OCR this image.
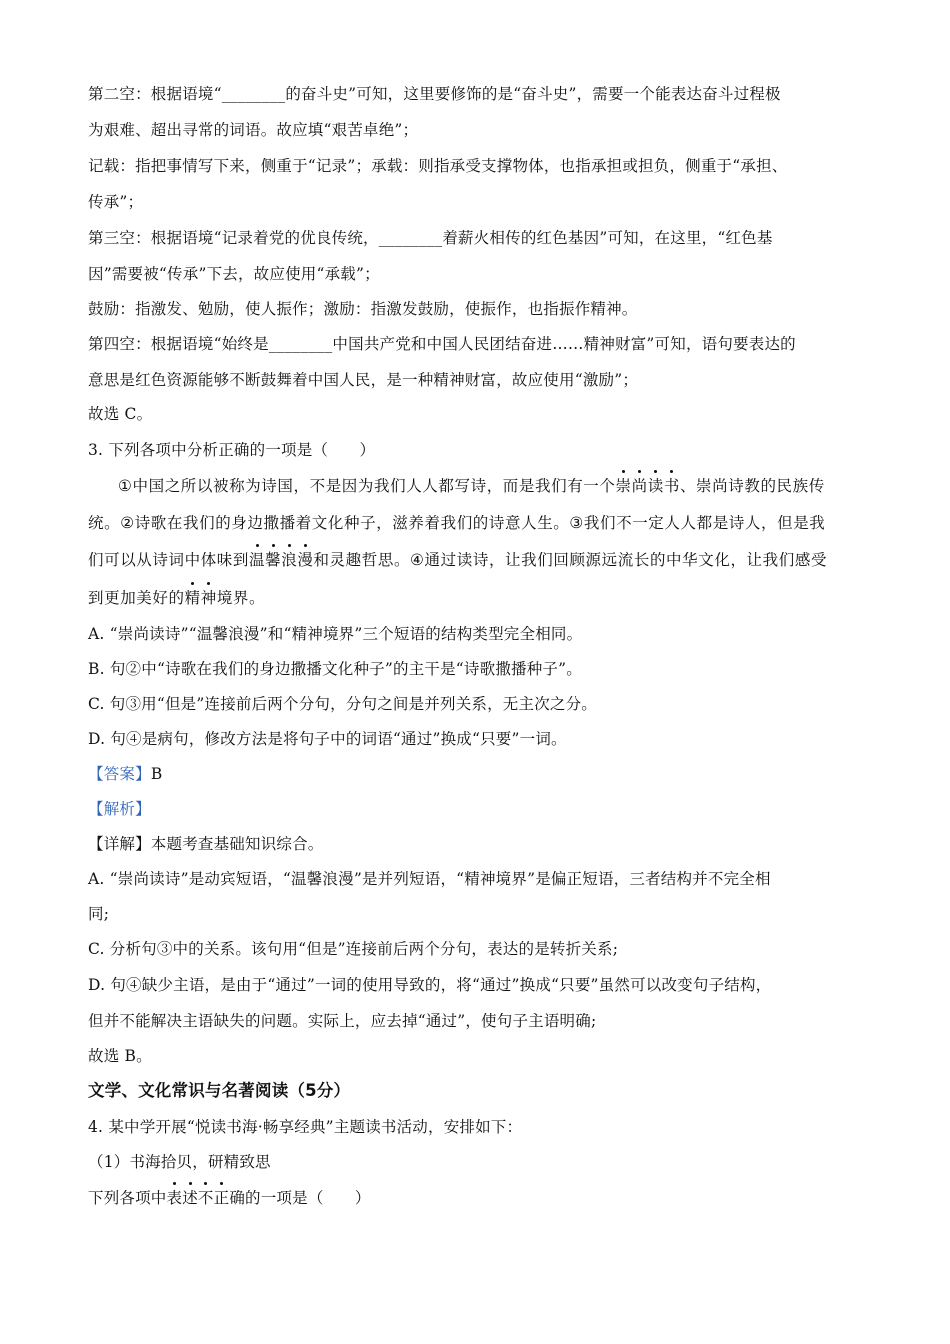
第二空：根据语境“________的奋斗史”可知，这里要修饰的是“奋斗史”，需要一个能表达奋斗过程极
为艰难、超出寻常的词语。故应填“艰苦卓绝”；
记载：指把事情写下来，侧重于“记录”；承载：则指承受支撑物体，也指承担或担负，侧重于“承担、
传承”；
第三空：根据语境“记录着党的优良传统，________着薪火相传的红色基因”可知，在这里，“红色基
因”需要被“传承”下去，故应使用“承载”；
鼓励：指激发、勉励，使人振作；激励：指激发鼓励，使振作，也指振作精神。
第四空：根据语境“始终是________中国共产党和中国人民团结奋进……精神财富”可知，语句要表达的
意思是红色资源能够不断鼓舞着中国人民，是一种精神财富，故应使用“激励”；
故选 C。
3. 下列各项中分析正确的一项是（　　）
①中国之所以被称为诗国，不是因为我们人人都写诗，而是我们有一个崇尚读书、崇尚诗教的民族传
统。②诗歌在我们的身边撒播着文化种子，滋养着我们的诗意人生。③我们不一定人人都是诗人，但是我
们可以从诗词中体味到温馨浪漫和灵趣哲思。④通过读诗，让我们回顾源远流长的中华文化，让我们感受
到更加美好的精神境界。
A. “崇尚读诗”“温馨浪漫”和“精神境界”三个短语的结构类型完全相同。
B. 句②中“诗歌在我们的身边撒播文化种子”的主干是“诗歌撒播种子”。
C. 句③用“但是”连接前后两个分句，分句之间是并列关系，无主次之分。
D. 句④是病句，修改方法是将句子中的词语“通过”换成“只要”一词。
【答案】B
【解析】
【详解】本题考查基础知识综合。
A. “崇尚读诗”是动宾短语，“温馨浪漫”是并列短语，“精神境界”是偏正短语，三者结构并不完全相
同;
C. 分析句③中的关系。该句用“但是”连接前后两个分句，表达的是转折关系;
D. 句④缺少主语，是由于“通过”一词的使用导致的，将“通过”换成“只要”虽然可以改变句子结构，
但并不能解决主语缺失的问题。实际上，应去掉“通过”，使句子主语明确;
故选 B。
文学、文化常识与名著阅读（5分）
4. 某中学开展“悦读书海·畅享经典”主题读书活动，安排如下：
（1）书海拾贝，研精致思
下列各项中表述不正确的一项是（　　）
